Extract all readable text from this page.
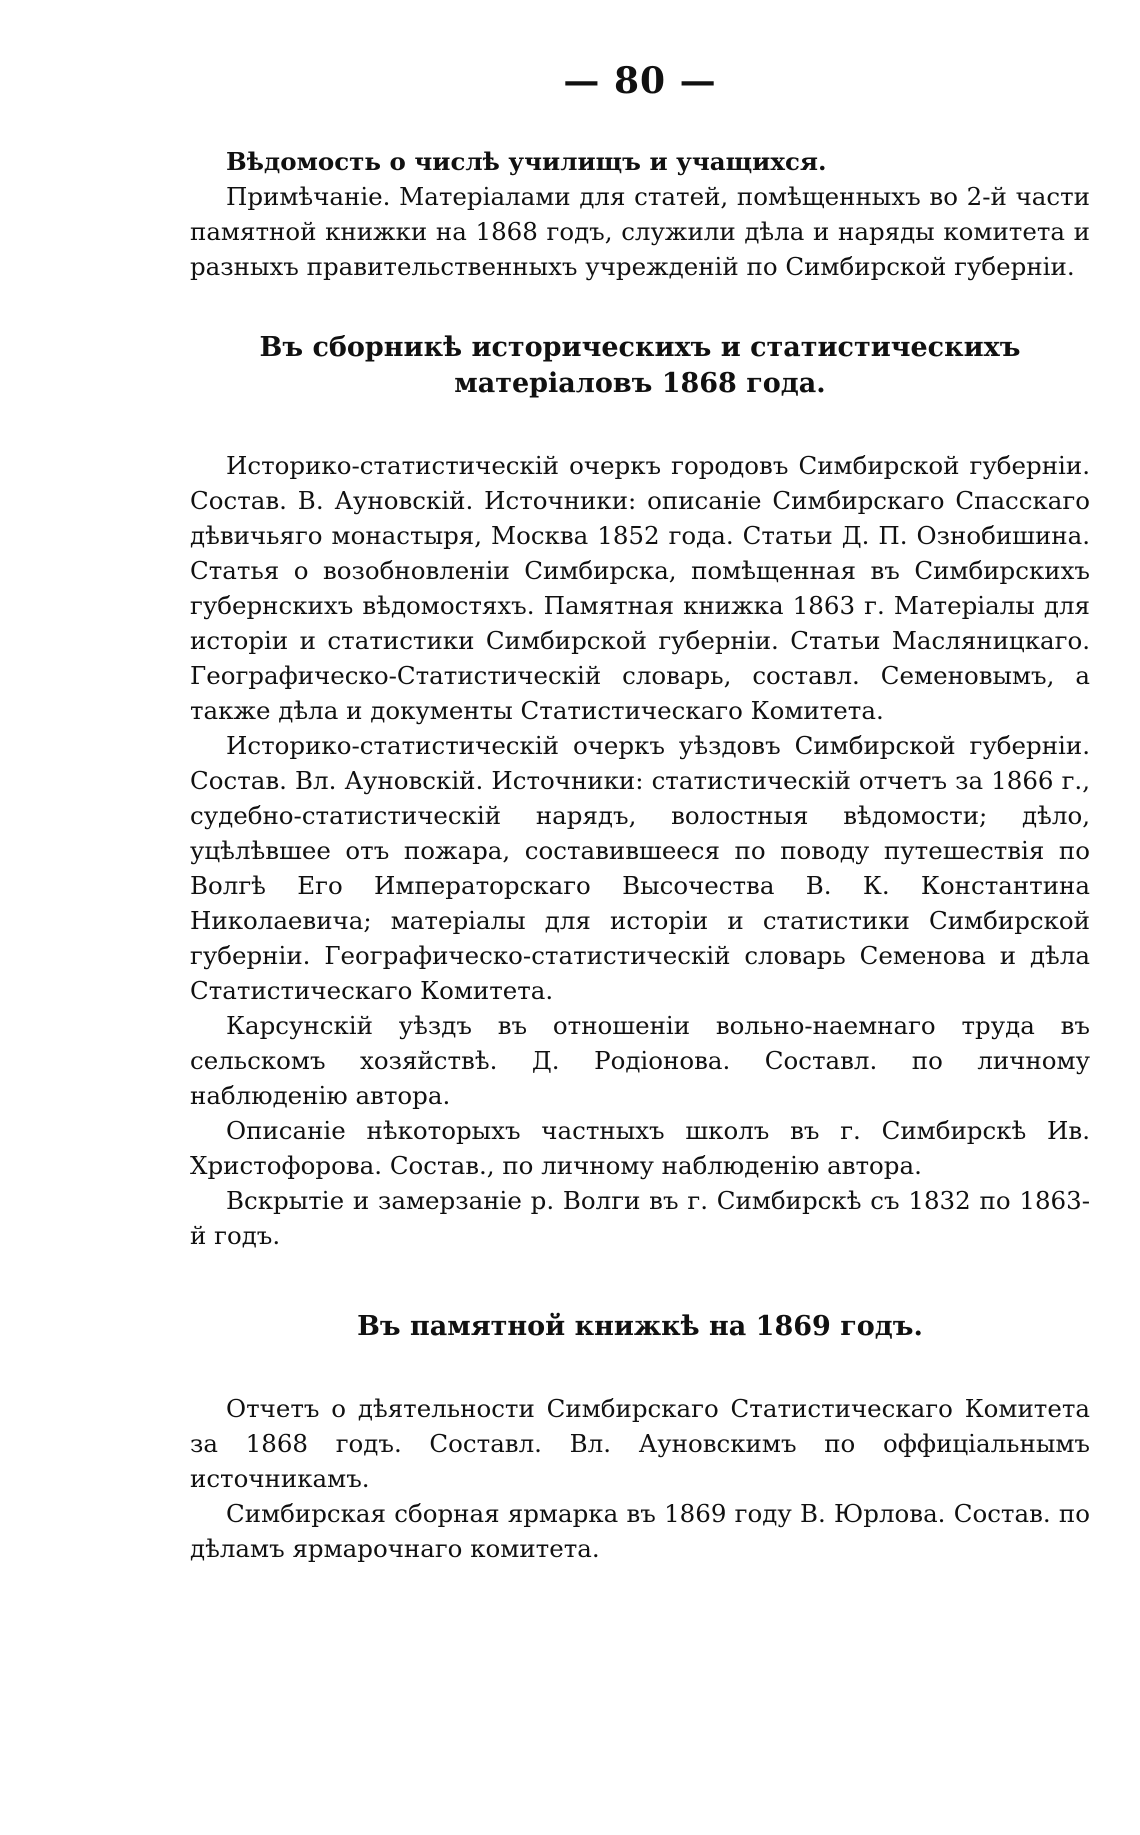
— 80 —

Вѣдомость о числѣ училищъ и учащихся.

Примѣчаніе. Матеріалами для статей, помѣщенныхъ во 2-й части памятной книжки на 1868 годъ, служили дѣла и наряды комитета и разныхъ правительственныхъ учрежденій по Симбирской губерніи.

Въ сборникѣ историческихъ и статистическихъ матеріаловъ 1868 года.

Историко-статистическій очеркъ городовъ Симбирской губерніи. Состав. В. Ауновскій. Источники: описаніе Симбирскаго Спасскаго дѣвичьяго монастыря, Москва 1852 года. Статьи Д. П. Ознобишина. Статья о возобновленіи Симбирска, помѣщенная въ Симбирскихъ губернскихъ вѣдомостяхъ. Памятная книжка 1863 г. Матеріалы для исторіи и статистики Симбирской губерніи. Статьи Масляницкаго. Географическо-Статистическій словарь, составл. Семеновымъ, а также дѣла и документы Статистическаго Комитета.

Историко-статистическій очеркъ уѣздовъ Симбирской губерніи. Состав. Вл. Ауновскій. Источники: статистическій отчетъ за 1866 г., судебно-статистическій нарядъ, волостныя вѣдомости; дѣло, уцѣлѣвшее отъ пожара, составившееся по поводу путешествія по Волгѣ Его Императорскаго Высочества В. К. Константина Николаевича; матеріалы для исторіи и статистики Симбирской губерніи. Географическо-статистическій словарь Семенова и дѣла Статистическаго Комитета.

Карсунскій уѣздъ въ отношеніи вольно-наемнаго труда въ сельскомъ хозяйствѣ. Д. Родіонова. Составл. по личному наблюденію автора.

Описаніе нѣкоторыхъ частныхъ школъ въ г. Симбирскѣ Ив. Христофорова. Состав., по личному наблюденію автора.

Вскрытіе и замерзаніе р. Волги въ г. Симбирскѣ съ 1832 по 1863-й годъ.

Въ памятной книжкѣ на 1869 годъ.

Отчетъ о дѣятельности Симбирскаго Статистическаго Комитета за 1868 годъ. Составл. Вл. Ауновскимъ по оффиціальнымъ источникамъ.

Симбирская сборная ярмарка въ 1869 году В. Юрлова. Состав. по дѣламъ ярмарочнаго комитета.
